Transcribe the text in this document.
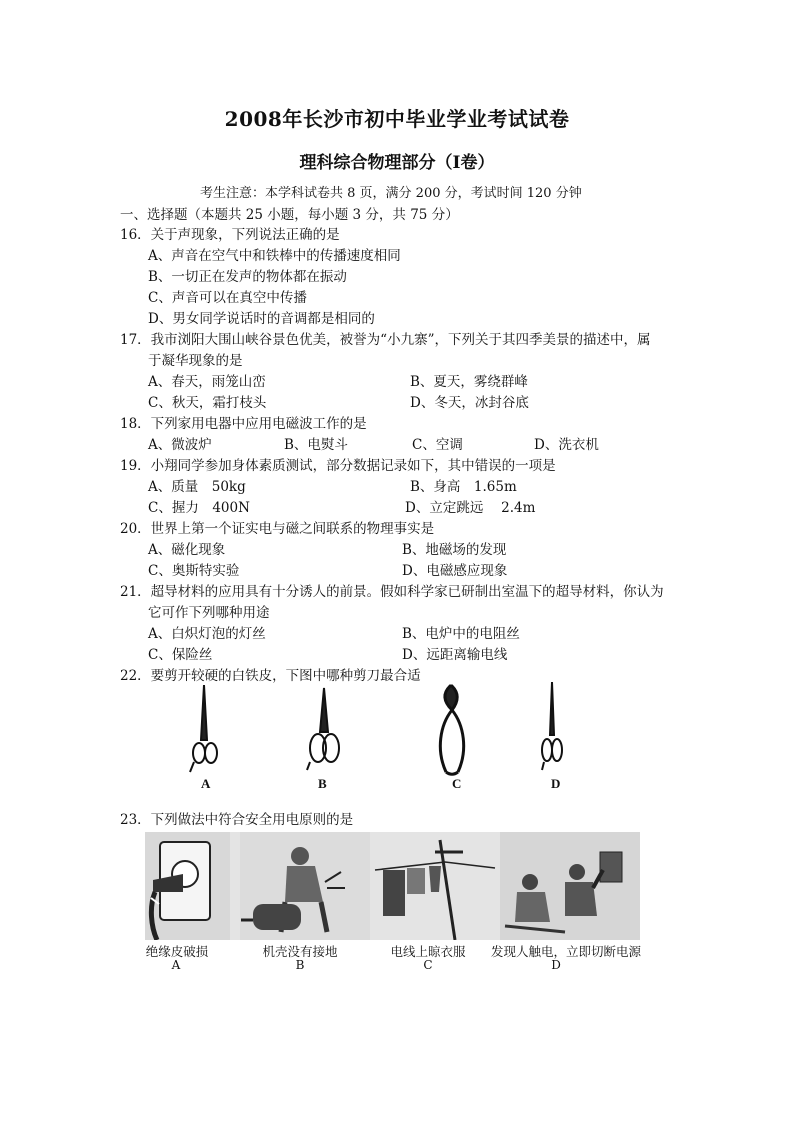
2008年长沙市初中毕业学业考试试卷
理科综合物理部分（Ⅰ卷）
考生注意：本学科试卷共 8 页，满分 200 分，考试时间 120 分钟
一、选择题（本题共 25 小题，每小题 3 分，共 75 分）
16．关于声现象，下列说法正确的是
A、声音在空气中和铁棒中的传播速度相同
B、一切正在发声的物体都在振动
C、声音可以在真空中传播
D、男女同学说话时的音调都是相同的
17．我市浏阳大围山峡谷景色优美，被誉为“小九寨”，下列关于其四季美景的描述中，属
于凝华现象的是
A、春天，雨笼山峦	B、夏天，雾绕群峰
C、秋天，霜打枝头	D、冬天，冰封谷底
18．下列家用电器中应用电磁波工作的是
A、微波炉	B、电熨斗	C、空调	D、洗衣机
19．小翔同学参加身体素质测试，部分数据记录如下，其中错误的一项是
A、质量　50kg	B、身高　1.65m
C、握力　400N	D、立定跳远　 2.4m
20．世界上第一个证实电与磁之间联系的物理事实是
A、磁化现象	B、地磁场的发现
C、奥斯特实验	D、电磁感应现象
21．超导材料的应用具有十分诱人的前景。假如科学家已研制出室温下的超导材料，你认为
它可作下列哪种用途
A、白炽灯泡的灯丝	B、电炉中的电阻丝
C、保险丝	D、远距离输电线
22．要剪开较硬的白铁皮，下图中哪种剪刀最合适
A	B	C	D
23．下列做法中符合安全用电原则的是
绝缘皮破损	机壳没有接地	电线上晾衣服	发现人触电，立即切断电源
A	B	C	D
